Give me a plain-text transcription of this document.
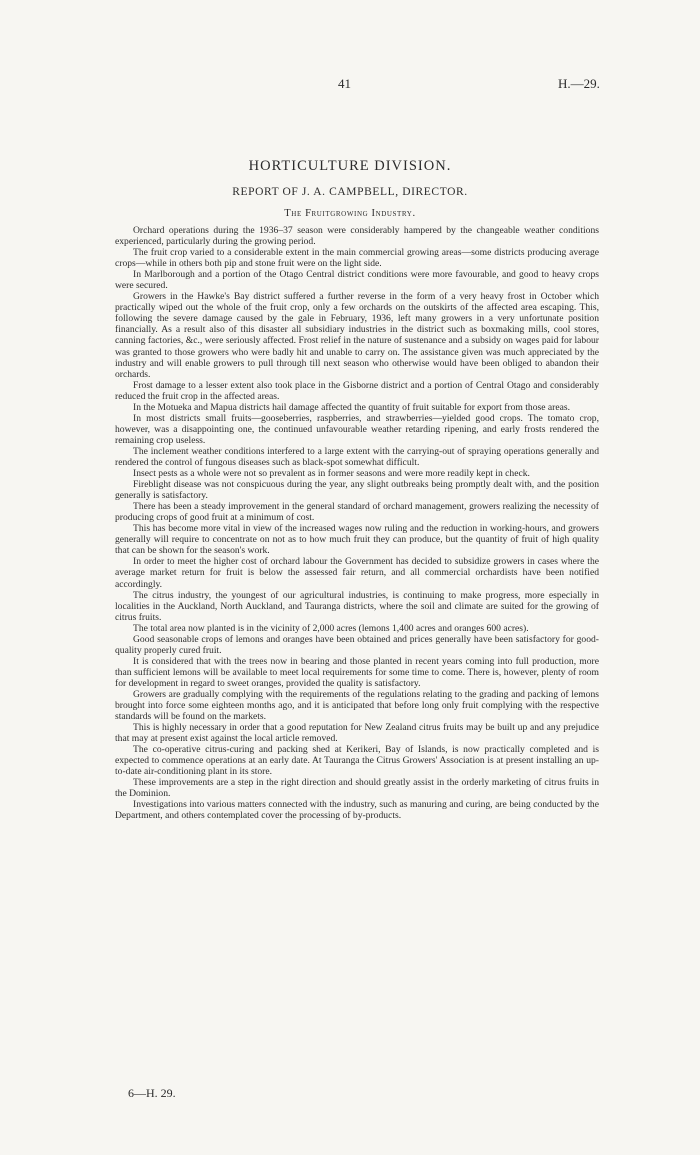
41	H.—29.
HORTICULTURE DIVISION.
REPORT OF J. A. CAMPBELL, DIRECTOR.
The Fruitgrowing Industry.

Orchard operations during the 1936–37 season were considerably hampered by the changeable weather conditions experienced, particularly during the growing period.

The fruit crop varied to a considerable extent in the main commercial growing areas—some districts producing average crops—while in others both pip and stone fruit were on the light side.

In Marlborough and a portion of the Otago Central district conditions were more favourable, and good to heavy crops were secured.

Growers in the Hawke's Bay district suffered a further reverse in the form of a very heavy frost in October which practically wiped out the whole of the fruit crop, only a few orchards on the outskirts of the affected area escaping. This, following the severe damage caused by the gale in February, 1936, left many growers in a very unfortunate position financially. As a result also of this disaster all subsidiary industries in the district such as boxmaking mills, cool stores, canning factories, &c., were seriously affected. Frost relief in the nature of sustenance and a subsidy on wages paid for labour was granted to those growers who were badly hit and unable to carry on. The assistance given was much appreciated by the industry and will enable growers to pull through till next season who otherwise would have been obliged to abandon their orchards.

Frost damage to a lesser extent also took place in the Gisborne district and a portion of Central Otago and considerably reduced the fruit crop in the affected areas.

In the Motueka and Mapua districts hail damage affected the quantity of fruit suitable for export from those areas.

In most districts small fruits—gooseberries, raspberries, and strawberries—yielded good crops. The tomato crop, however, was a disappointing one, the continued unfavourable weather retarding ripening, and early frosts rendered the remaining crop useless.

The inclement weather conditions interfered to a large extent with the carrying-out of spraying operations generally and rendered the control of fungous diseases such as black-spot somewhat difficult.

Insect pests as a whole were not so prevalent as in former seasons and were more readily kept in check.

Fireblight disease was not conspicuous during the year, any slight outbreaks being promptly dealt with, and the position generally is satisfactory.

There has been a steady improvement in the general standard of orchard management, growers realizing the necessity of producing crops of good fruit at a minimum of cost.

This has become more vital in view of the increased wages now ruling and the reduction in working-hours, and growers generally will require to concentrate on not as to how much fruit they can produce, but the quantity of fruit of high quality that can be shown for the season's work.

In order to meet the higher cost of orchard labour the Government has decided to subsidize growers in cases where the average market return for fruit is below the assessed fair return, and all commercial orchardists have been notified accordingly.

The citrus industry, the youngest of our agricultural industries, is continuing to make progress, more especially in localities in the Auckland, North Auckland, and Tauranga districts, where the soil and climate are suited for the growing of citrus fruits.

The total area now planted is in the vicinity of 2,000 acres (lemons 1,400 acres and oranges 600 acres).

Good seasonable crops of lemons and oranges have been obtained and prices generally have been satisfactory for good-quality properly cured fruit.

It is considered that with the trees now in bearing and those planted in recent years coming into full production, more than sufficient lemons will be available to meet local requirements for some time to come. There is, however, plenty of room for development in regard to sweet oranges, provided the quality is satisfactory.

Growers are gradually complying with the requirements of the regulations relating to the grading and packing of lemons brought into force some eighteen months ago, and it is anticipated that before long only fruit complying with the respective standards will be found on the markets.

This is highly necessary in order that a good reputation for New Zealand citrus fruits may be built up and any prejudice that may at present exist against the local article removed.

The co-operative citrus-curing and packing shed at Kerikeri, Bay of Islands, is now practically completed and is expected to commence operations at an early date. At Tauranga the Citrus Growers' Association is at present installing an up-to-date air-conditioning plant in its store.

These improvements are a step in the right direction and should greatly assist in the orderly marketing of citrus fruits in the Dominion.

Investigations into various matters connected with the industry, such as manuring and curing, are being conducted by the Department, and others contemplated cover the processing of by-products.

6—H. 29.
